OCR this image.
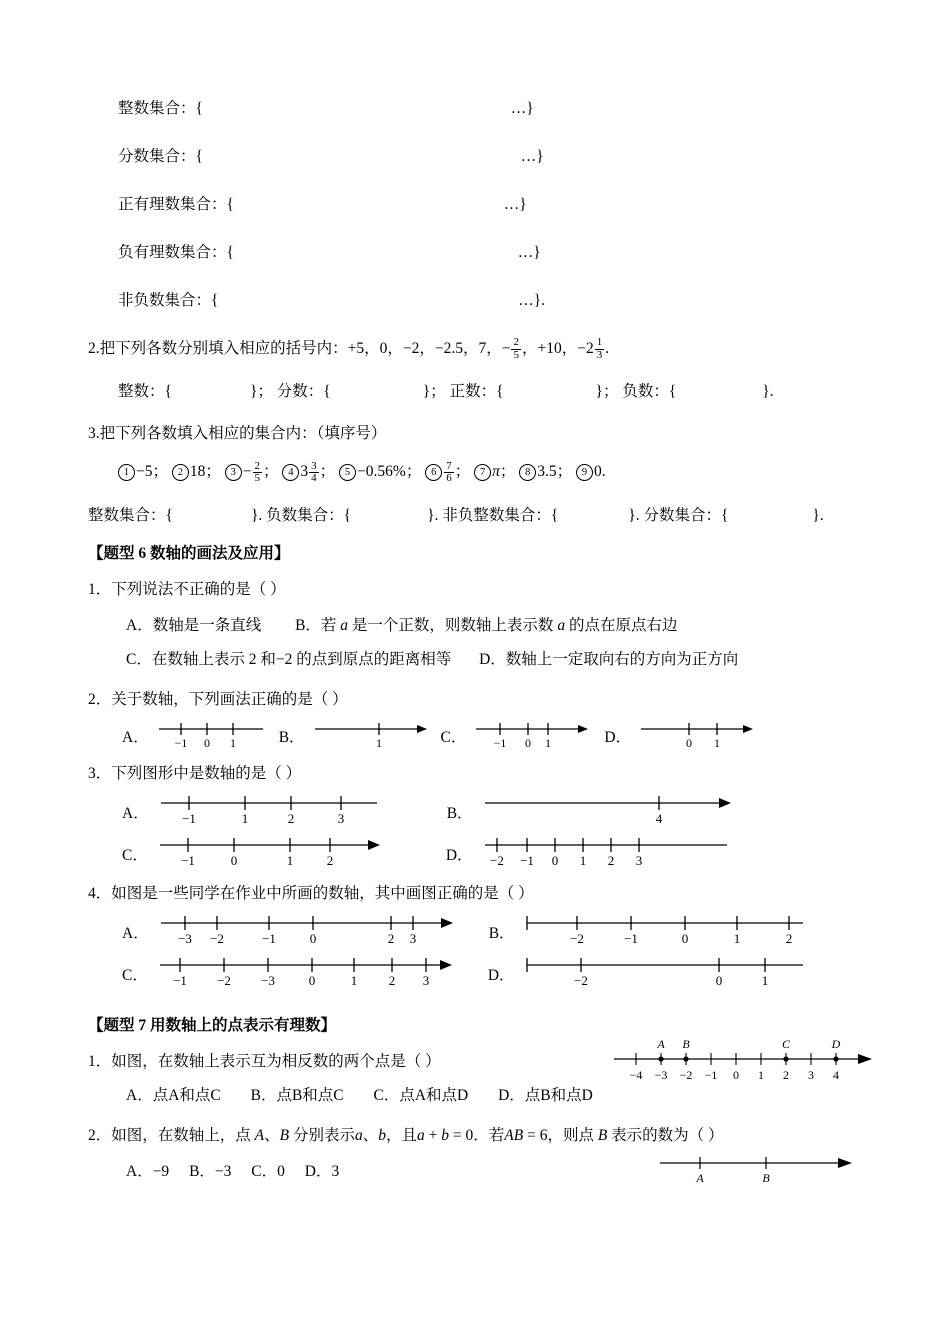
整数集合：{	…}
分数集合：{	…}
正有理数集合：{	…}
负有理数集合：{	…}
非负数集合：{	…}.
2.把下列各数分别填入相应的括号内：+5，0，−2，−2.5，7，− $\frac{2}{5}$ ，+10，$-2 \frac{1}{3}$ .
整数：{	}； 分数：{	}； 正数：{	}； 负数：{	}.
3.把下列各数填入相应的集合内：（填序号）
1 −5； 2 18； $3 - \frac{2}{5}$ ； 4 $3 \frac{3}{4}$ ； 5 −0.56%； $6 \frac{7}{6}$ ； 7 π； 8 3.5； 9 0.
整数集合：{	}. 负数集合：{	}. 非负整数集合：{	}. 分数集合：{	}.
【题型 6 数轴的画法及应用】
1．下列说法不正确的是（ ）
A．数轴是一条直线 B．若 a 是一个正数，则数轴上表示数 a 的点在原点右边
C．在数轴上表示 2 和−2 的点到原点的距离相等 D．数轴上一定取向右的方向为正方向
2．关于数轴，下列画法正确的是（ ）
A． −1 0 1	B．	1	C． −1 0 1	D．	0 1
3．下列图形中是数轴的是（ ）
A．	−1	1	2	3	B．	4
C．	−1	0	1	2	D． −2 −1 0 1 2 3
4．如图是一些同学在作业中所画的数轴，其中画图正确的是（ ）
A． −3 −2	−1	0	2 3	B．	−2	−1	0	1	2
C． −1 −2 −3	0	1 2 3	D．	−2	0	1
【题型 7 用数轴上的点表示有理数】
1．如图，在数轴上表示互为相反数的两个点是（ ）
A．点A和点C B．点B和点C C．点A和点D D．点B和点D
A B	C	D
−4 −3 −2 −1 0 1 2 3 4
2．如图，在数轴上，点 A、B 分别表示a、b，且a + b = 0．若AB = 6，则点 B 表示的数为（ ）
A．−9 B．−3 C．0 D．3	A	B
